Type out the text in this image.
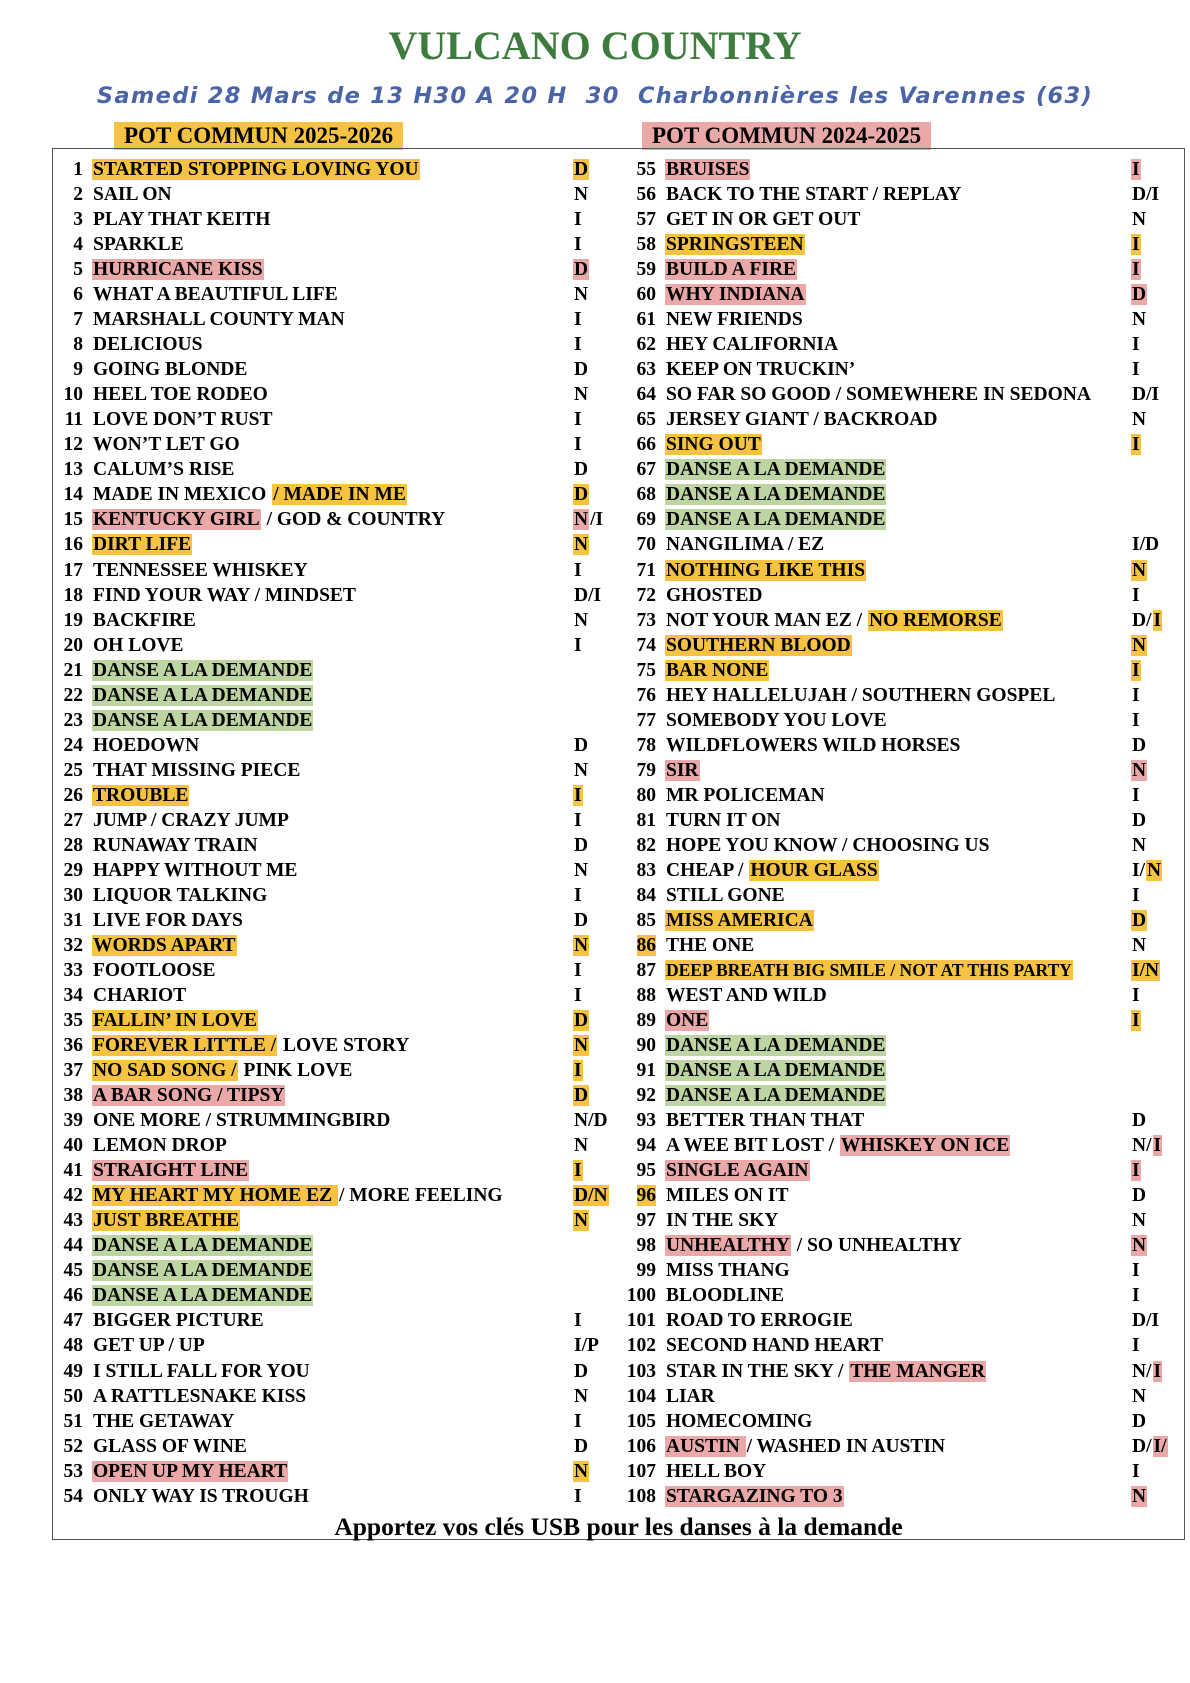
VULCANO COUNTRY
Samedi 28 Mars de 13 H30 A 20 H  30  Charbonnières les Varennes (63)
POT COMMUN 2025-2026	POT COMMUN 2024-2025
1 STARTED STOPPING LOVING YOU	D
2 SAIL ON	N
3 PLAY THAT KEITH	I
4 SPARKLE	I
5 HURRICANE KISS	D
6 WHAT A BEAUTIFUL LIFE	N
7 MARSHALL COUNTY MAN	I
8 DELICIOUS	I
9 GOING BLONDE	D
10 HEEL TOE RODEO	N
11 LOVE DON’T RUST	I
12 WON’T LET GO	I
13 CALUM’S RISE	D
14 MADE IN MEXICO / MADE IN ME	D
15 KENTUCKY GIRL / GOD & COUNTRY	N /I
16 DIRT LIFE	N
17 TENNESSEE WHISKEY	I
18 FIND YOUR WAY / MINDSET	D/I
19 BACKFIRE	N
20 OH LOVE	I
21 DANSE A LA DEMANDE
22 DANSE A LA DEMANDE
23 DANSE A LA DEMANDE
24 HOEDOWN	D
25 THAT MISSING PIECE	N
26 TROUBLE	I
27 JUMP / CRAZY JUMP	I
28 RUNAWAY TRAIN	D
29 HAPPY WITHOUT ME	N
30 LIQUOR TALKING	I
31 LIVE FOR DAYS	D
32 WORDS APART	N
33 FOOTLOOSE	I
34 CHARIOT	I
35 FALLIN’ IN LOVE	D
36 FOREVER LITTLE / LOVE STORY	N
37 NO SAD SONG / PINK LOVE	I
38 A BAR SONG / TIPSY	D
39 ONE MORE / STRUMMINGBIRD	N/D
40 LEMON DROP	N
41 STRAIGHT LINE	I
42 MY HEART MY HOME EZ / MORE FEELING	D/N
43 JUST BREATHE	N
44 DANSE A LA DEMANDE
45 DANSE A LA DEMANDE
46 DANSE A LA DEMANDE
47 BIGGER PICTURE	I
48 GET UP / UP	I/P
49 I STILL FALL FOR YOU	D
50 A RATTLESNAKE KISS	N
51 THE GETAWAY	I
52 GLASS OF WINE	D
53 OPEN UP MY HEART	N
54 ONLY WAY IS TROUGH	I
55 BRUISES	I
56 BACK TO THE START / REPLAY	D/I
57 GET IN OR GET OUT	N
58 SPRINGSTEEN	I
59 BUILD A FIRE	I
60 WHY INDIANA	D
61 NEW FRIENDS	N
62 HEY CALIFORNIA	I
63 KEEP ON TRUCKIN’	I
64 SO FAR SO GOOD / SOMEWHERE IN SEDONA D/I
65 JERSEY GIANT / BACKROAD	N
66 SING OUT	I
67 DANSE A LA DEMANDE
68 DANSE A LA DEMANDE
69 DANSE A LA DEMANDE
70 NANGILIMA / EZ	I/D
71 NOTHING LIKE THIS	N
72 GHOSTED	I
73 NOT YOUR MAN EZ / NO REMORSE	D/ I
74 SOUTHERN BLOOD	N
75 BAR NONE	I
76 HEY HALLELUJAH / SOUTHERN GOSPEL	I
77 SOMEBODY YOU LOVE	I
78 WILDFLOWERS WILD HORSES	D
79 SIR	N
80 MR POLICEMAN	I
81 TURN IT ON	D
82 HOPE YOU KNOW / CHOOSING US	N
83 CHEAP / HOUR GLASS	I/ N
84 STILL GONE	I
85 MISS AMERICA	D
86 THE ONE	N
87 DEEP BREATH BIG SMILE / NOT AT THIS PARTY	I/N
88 WEST AND WILD	I
89 ONE	I
90 DANSE A LA DEMANDE
91 DANSE A LA DEMANDE
92 DANSE A LA DEMANDE
93 BETTER THAN THAT	D
94 A WEE BIT LOST / WHISKEY ON ICE	N/ I
95 SINGLE AGAIN	I
96 MILES ON IT	D
97 IN THE SKY	N
98 UNHEALTHY / SO UNHEALTHY	N
99 MISS THANG	I
100 BLOODLINE	I
101 ROAD TO ERROGIE	D/I
102 SECOND HAND HEART	I
103 STAR IN THE SKY / THE MANGER	N/ I
104 LIAR	N
105 HOMECOMING	D
106 AUSTIN / WASHED IN AUSTIN	D/ I/
107 HELL BOY	I
108 STARGAZING TO 3	N
Apportez vos clés USB pour les danses à la demande
